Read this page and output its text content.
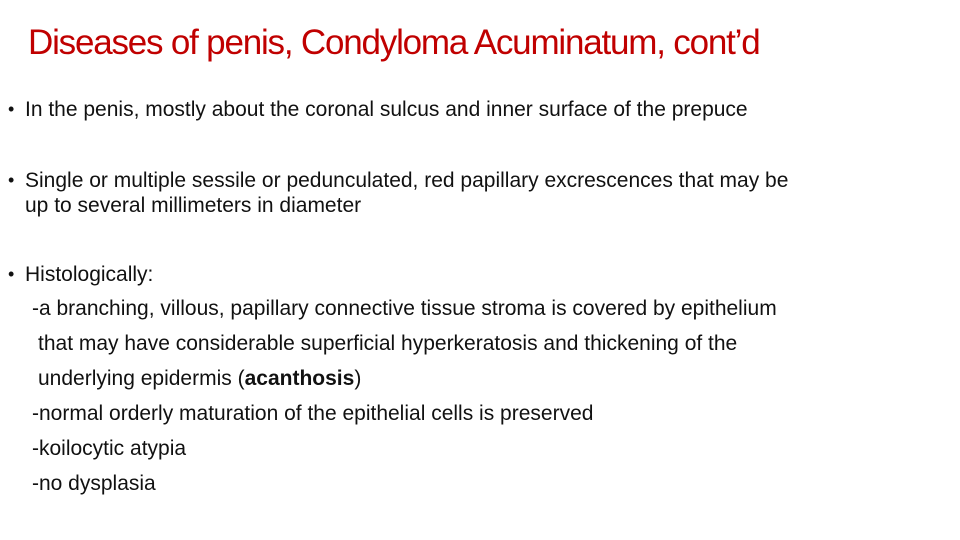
Diseases of penis, Condyloma Acuminatum, cont’d
• In the penis, mostly about the coronal sulcus and inner surface of the prepuce
• Single or multiple sessile or pedunculated, red papillary excrescences that may be
up to several millimeters in diameter
• Histologically:
-a branching, villous, papillary connective tissue stroma is covered by epithelium
that may have considerable superficial hyperkeratosis and thickening of the
underlying epidermis (acanthosis)
-normal orderly maturation of the epithelial cells is preserved
-koilocytic atypia
-no dysplasia
